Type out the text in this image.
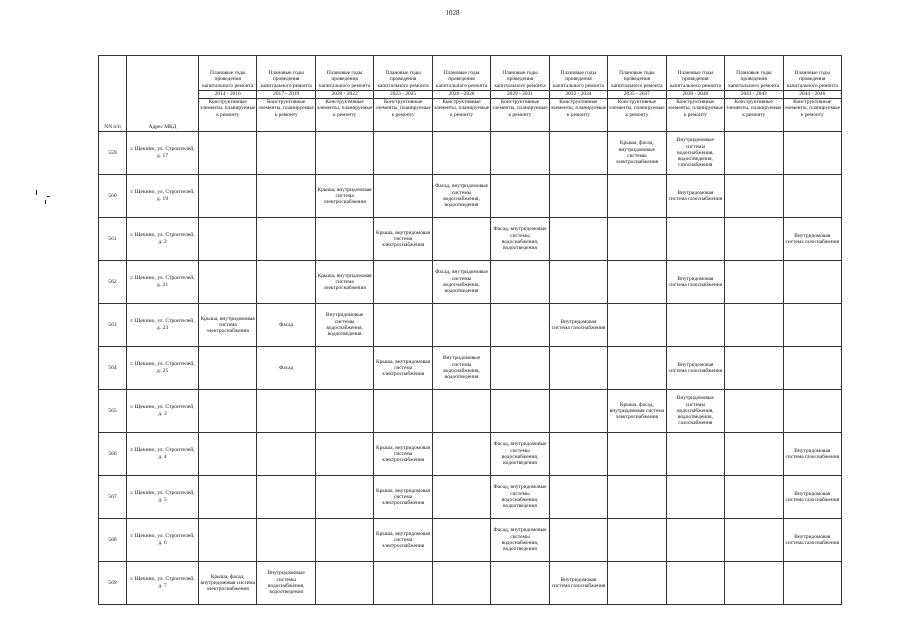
1028
NN п/п	Адрес МКД	Плановые годы проведения капитального ремонта	Плановые годы проведения капитального ремонта	Плановые годы проведения капитального ремонта	Плановые годы проведения капитального ремонта	Плановые годы проведения капитального ремонта	Плановые годы проведения капитального ремонта	Плановые годы проведения капитального ремонта	Плановые годы проведения капитального ремонта	Плановые годы проведения капитального ремонта	Плановые годы проведения капитального ремонта	Плановые годы проведения капитального ремонта
		2014 - 2016	2017 - 2019	2020 - 2022	2023 - 2025	2026 - 2028	2029 - 2031	2032 - 2034	2035 - 2037	2038 - 2040	2041 - 2043	2044 - 2046
		Конструктивные элементы, планируемые к ремонту	Конструктивные элементы, планируемые к ремонту	Конструктивные элементы, планируемые к ремонту	Конструктивные элементы, планируемые к ремонту	Конструктивные элементы, планируемые к ремонту	Конструктивные элементы, планируемые к ремонту	Конструктивные элементы, планируемые к ремонту	Конструктивные элементы, планируемые к ремонту	Конструктивные элементы, планируемые к ремонту	Конструктивные элементы, планируемые к ремонту	Конструктивные элементы, планируемые к ремонту
559	г. Щекино, ул. Строителей, д. 17								Крыша, фасад, внутридомовые системы электроснабжения	Внутридомовые системы водоснабжения, водоотведения, газоснабжения		
560	г. Щекино, ул. Строителей, д. 19			Крыша, внутридомовая система электроснабжения		Фасад, внутридомовые системы водоснабжения, водоотведения				Внутридомовая система газоснабжения		
561	г. Щекино, ул. Строителей, д. 2				Крыша, внутридомовая система электроснабжения		Фасад, внутридомовые системы водоснабжения, водоотведения					Внутридомовая система газоснабжения
562	г. Щекино, ул. Строителей, д. 21			Крыша, внутридомовая система электроснабжения		Фасад, внутридомовые системы водоснабжения, водоотведения				Внутридомовая система газоснабжения		
563	г. Щекино, ул. Строителей, д. 23	Крыша, внутридомовая система электроснабжения	Фасад	Внутридомовые системы водоснабжения, водоотведения				Внутридомовая система газоснабжения				
564	г. Щекино, ул. Строителей, д. 25		Фасад		Крыша, внутридомовая система электроснабжения	Внутридомовые системы водоснабжения, водоотведения				Внутридомовая система газоснабжения		
565	г. Щекино, ул. Строителей, д. 3								Крыша, фасад, внутридомовая система электроснабжения	Внутридомовые системы водоснабжения, водоотведения, газоснабжения		
566	г. Щекино, ул. Строителей, д. 4				Крыша, внутридомовая система электроснабжения		Фасад, внутридомовые системы водоснабжения, водоотведения					Внутридомовая система газоснабжения
567	г. Щекино, ул. Строителей, д. 5				Крыша, внутридомовая система электроснабжения		Фасад, внутридомовые системы водоснабжения, водоотведения					Внутридомовая система газоснабжения
568	г. Щекино, ул. Строителей, д. 6				Крыша, внутридомовая система электроснабжения		Фасад, внутридомовые системы водоснабжения, водоотведения					Внутридомовая система газоснабжения
569	г. Щекино, ул. Строителей, д. 7	Крыша, фасад, внутридомовая система электроснабжения	Внутридомовые системы водоснабжения, водоотведения					Внутридомовая система газоснабжения				
